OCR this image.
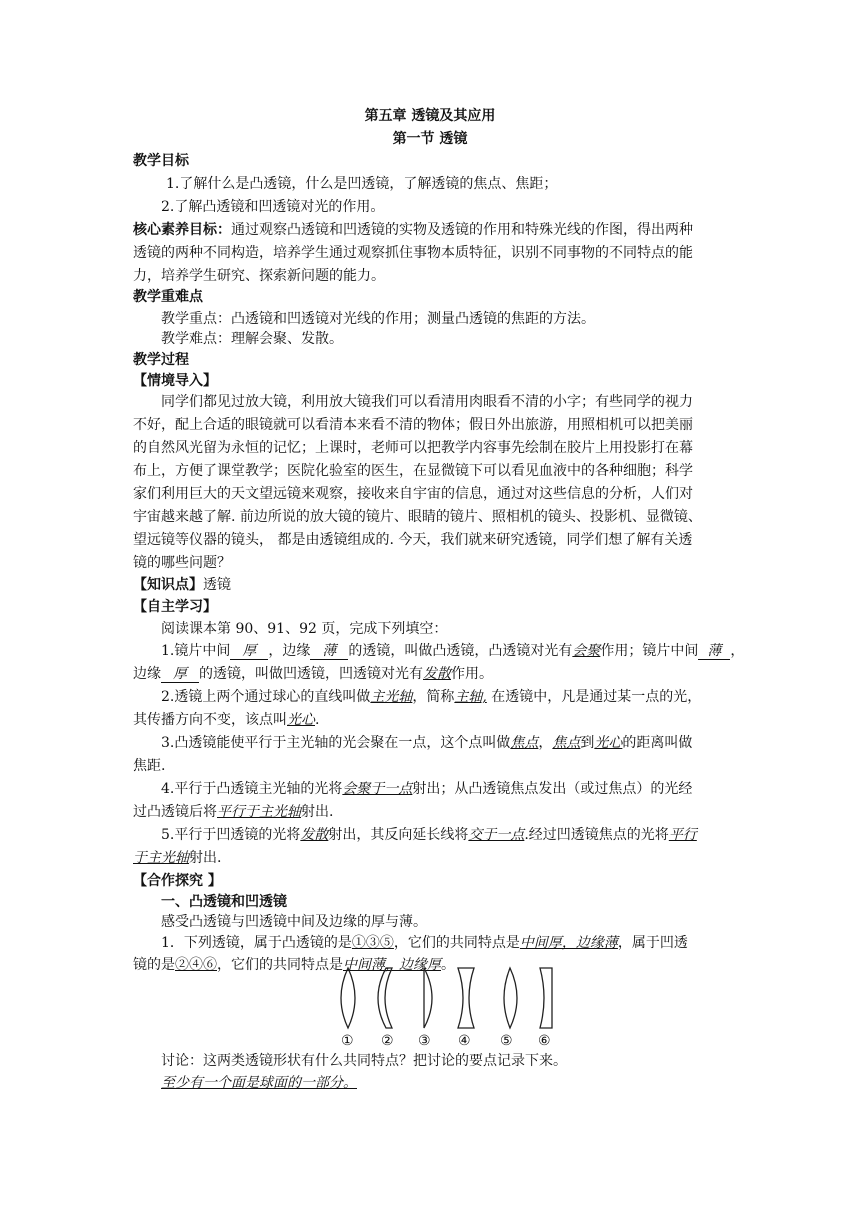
第五章 透镜及其应用
第一节 透镜
教学目标
1.了解什么是凸透镜，什么是凹透镜，了解透镜的焦点、焦距；
2.了解凸透镜和凹透镜对光的作用。
核心素养目标：通过观察凸透镜和凹透镜的实物及透镜的作用和特殊光线的作图，得出两种
透镜的两种不同构造，培养学生通过观察抓住事物本质特征，识别不同事物的不同特点的能
力，培养学生研究、探索新问题的能力。
教学重难点
教学重点：凸透镜和凹透镜对光线的作用；测量凸透镜的焦距的方法。
教学难点：理解会聚、发散。
教学过程
【情境导入】
同学们都见过放大镜，利用放大镜我们可以看清用肉眼看不清的小字；有些同学的视力
不好，配上合适的眼镜就可以看清本来看不清的物体；假日外出旅游，用照相机可以把美丽
的自然风光留为永恒的记忆；上课时，老师可以把教学内容事先绘制在胶片上用投影打在幕
布上，方便了课堂教学；医院化验室的医生，在显微镜下可以看见血液中的各种细胞；科学
家们利用巨大的天文望远镜来观察，接收来自宇宙的信息，通过对这些信息的分析，人们对
宇宙越来越了解. 前边所说的放大镜的镜片、眼睛的镜片、照相机的镜头、投影机、显微镜、
望远镜等仪器的镜头， 都是由透镜组成的. 今天，我们就来研究透镜，同学们想了解有关透
镜的哪些问题？
【知识点】透镜
【自主学习】
阅读课本第 90、91、92 页，完成下列填空：
1.镜片中间 厚 ，边缘 薄 的透镜，叫做凸透镜，凸透镜对光有会聚作用；镜片中间 薄 ，
边缘 厚 的透镜，叫做凹透镜，凹透镜对光有发散作用。
2.透镜上两个通过球心的直线叫做主光轴，简称主轴, 在透镜中，凡是通过某一点的光，
其传播方向不变，该点叫光心.
3.凸透镜能使平行于主光轴的光会聚在一点，这个点叫做焦点，焦点到光心的距离叫做
焦距.
4.平行于凸透镜主光轴的光将会聚于一点射出；从凸透镜焦点发出（或过焦点）的光经
过凸透镜后将平行于主光轴射出.
5.平行于凹透镜的光将发散射出，其反向延长线将交于一点.经过凹透镜焦点的光将平行
于主光轴射出.
【合作探究 】
一、凸透镜和凹透镜
感受凸透镜与凹透镜中间及边缘的厚与薄。
1．下列透镜，属于凸透镜的是①③⑤，它们的共同特点是中间厚，边缘薄，属于凹透
镜的是②④⑥，它们的共同特点是中间薄，边缘厚。
① ② ③ ④ ⑤ ⑥
讨论：这两类透镜形状有什么共同特点？把讨论的要点记录下来。
至少有一个面是球面的一部分。
